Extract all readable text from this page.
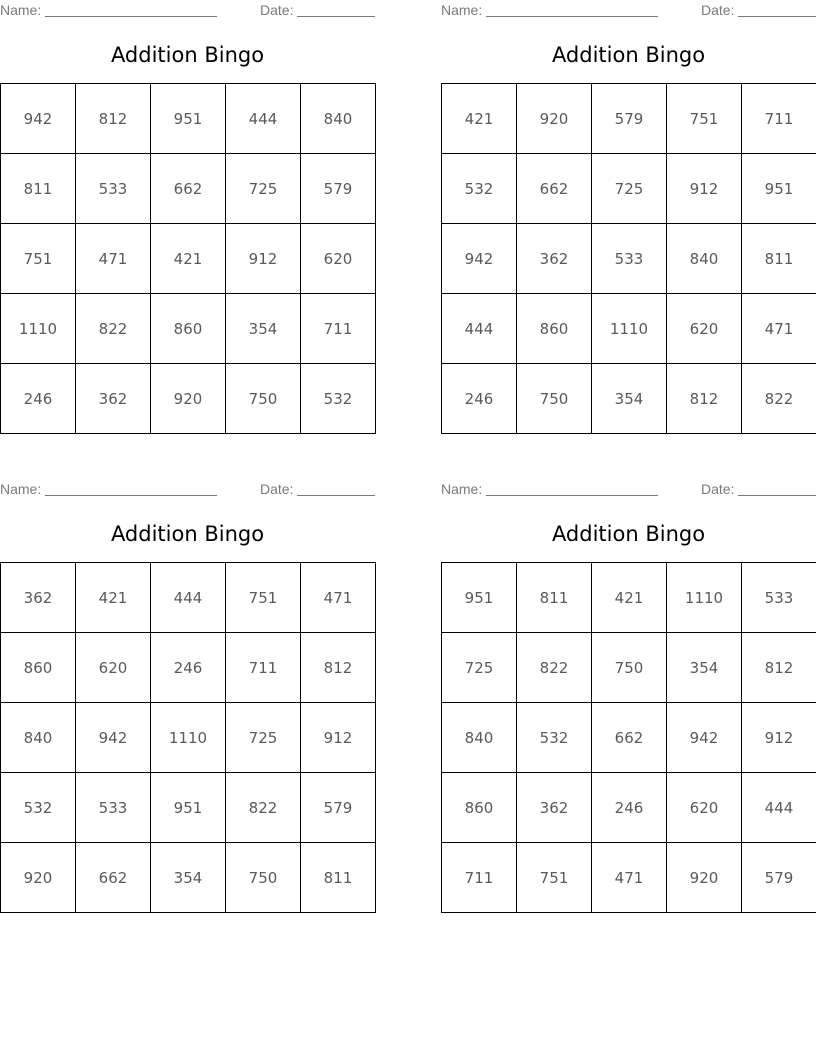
Name:	Date:
Addition Bingo
942	812	951	444	840
811	533	662	725	579
751	471	421	912	620
1110	822	860	354	711
246	362	920	750	532
Name:	Date:
Addition Bingo
421	920	579	751	711
532	662	725	912	951
942	362	533	840	811
444	860	1110	620	471
246	750	354	812	822
Name:	Date:
Addition Bingo
362	421	444	751	471
860	620	246	711	812
840	942	1110	725	912
532	533	951	822	579
920	662	354	750	811
Name:	Date:
Addition Bingo
951	811	421	1110	533
725	822	750	354	812
840	532	662	942	912
860	362	246	620	444
711	751	471	920	579
